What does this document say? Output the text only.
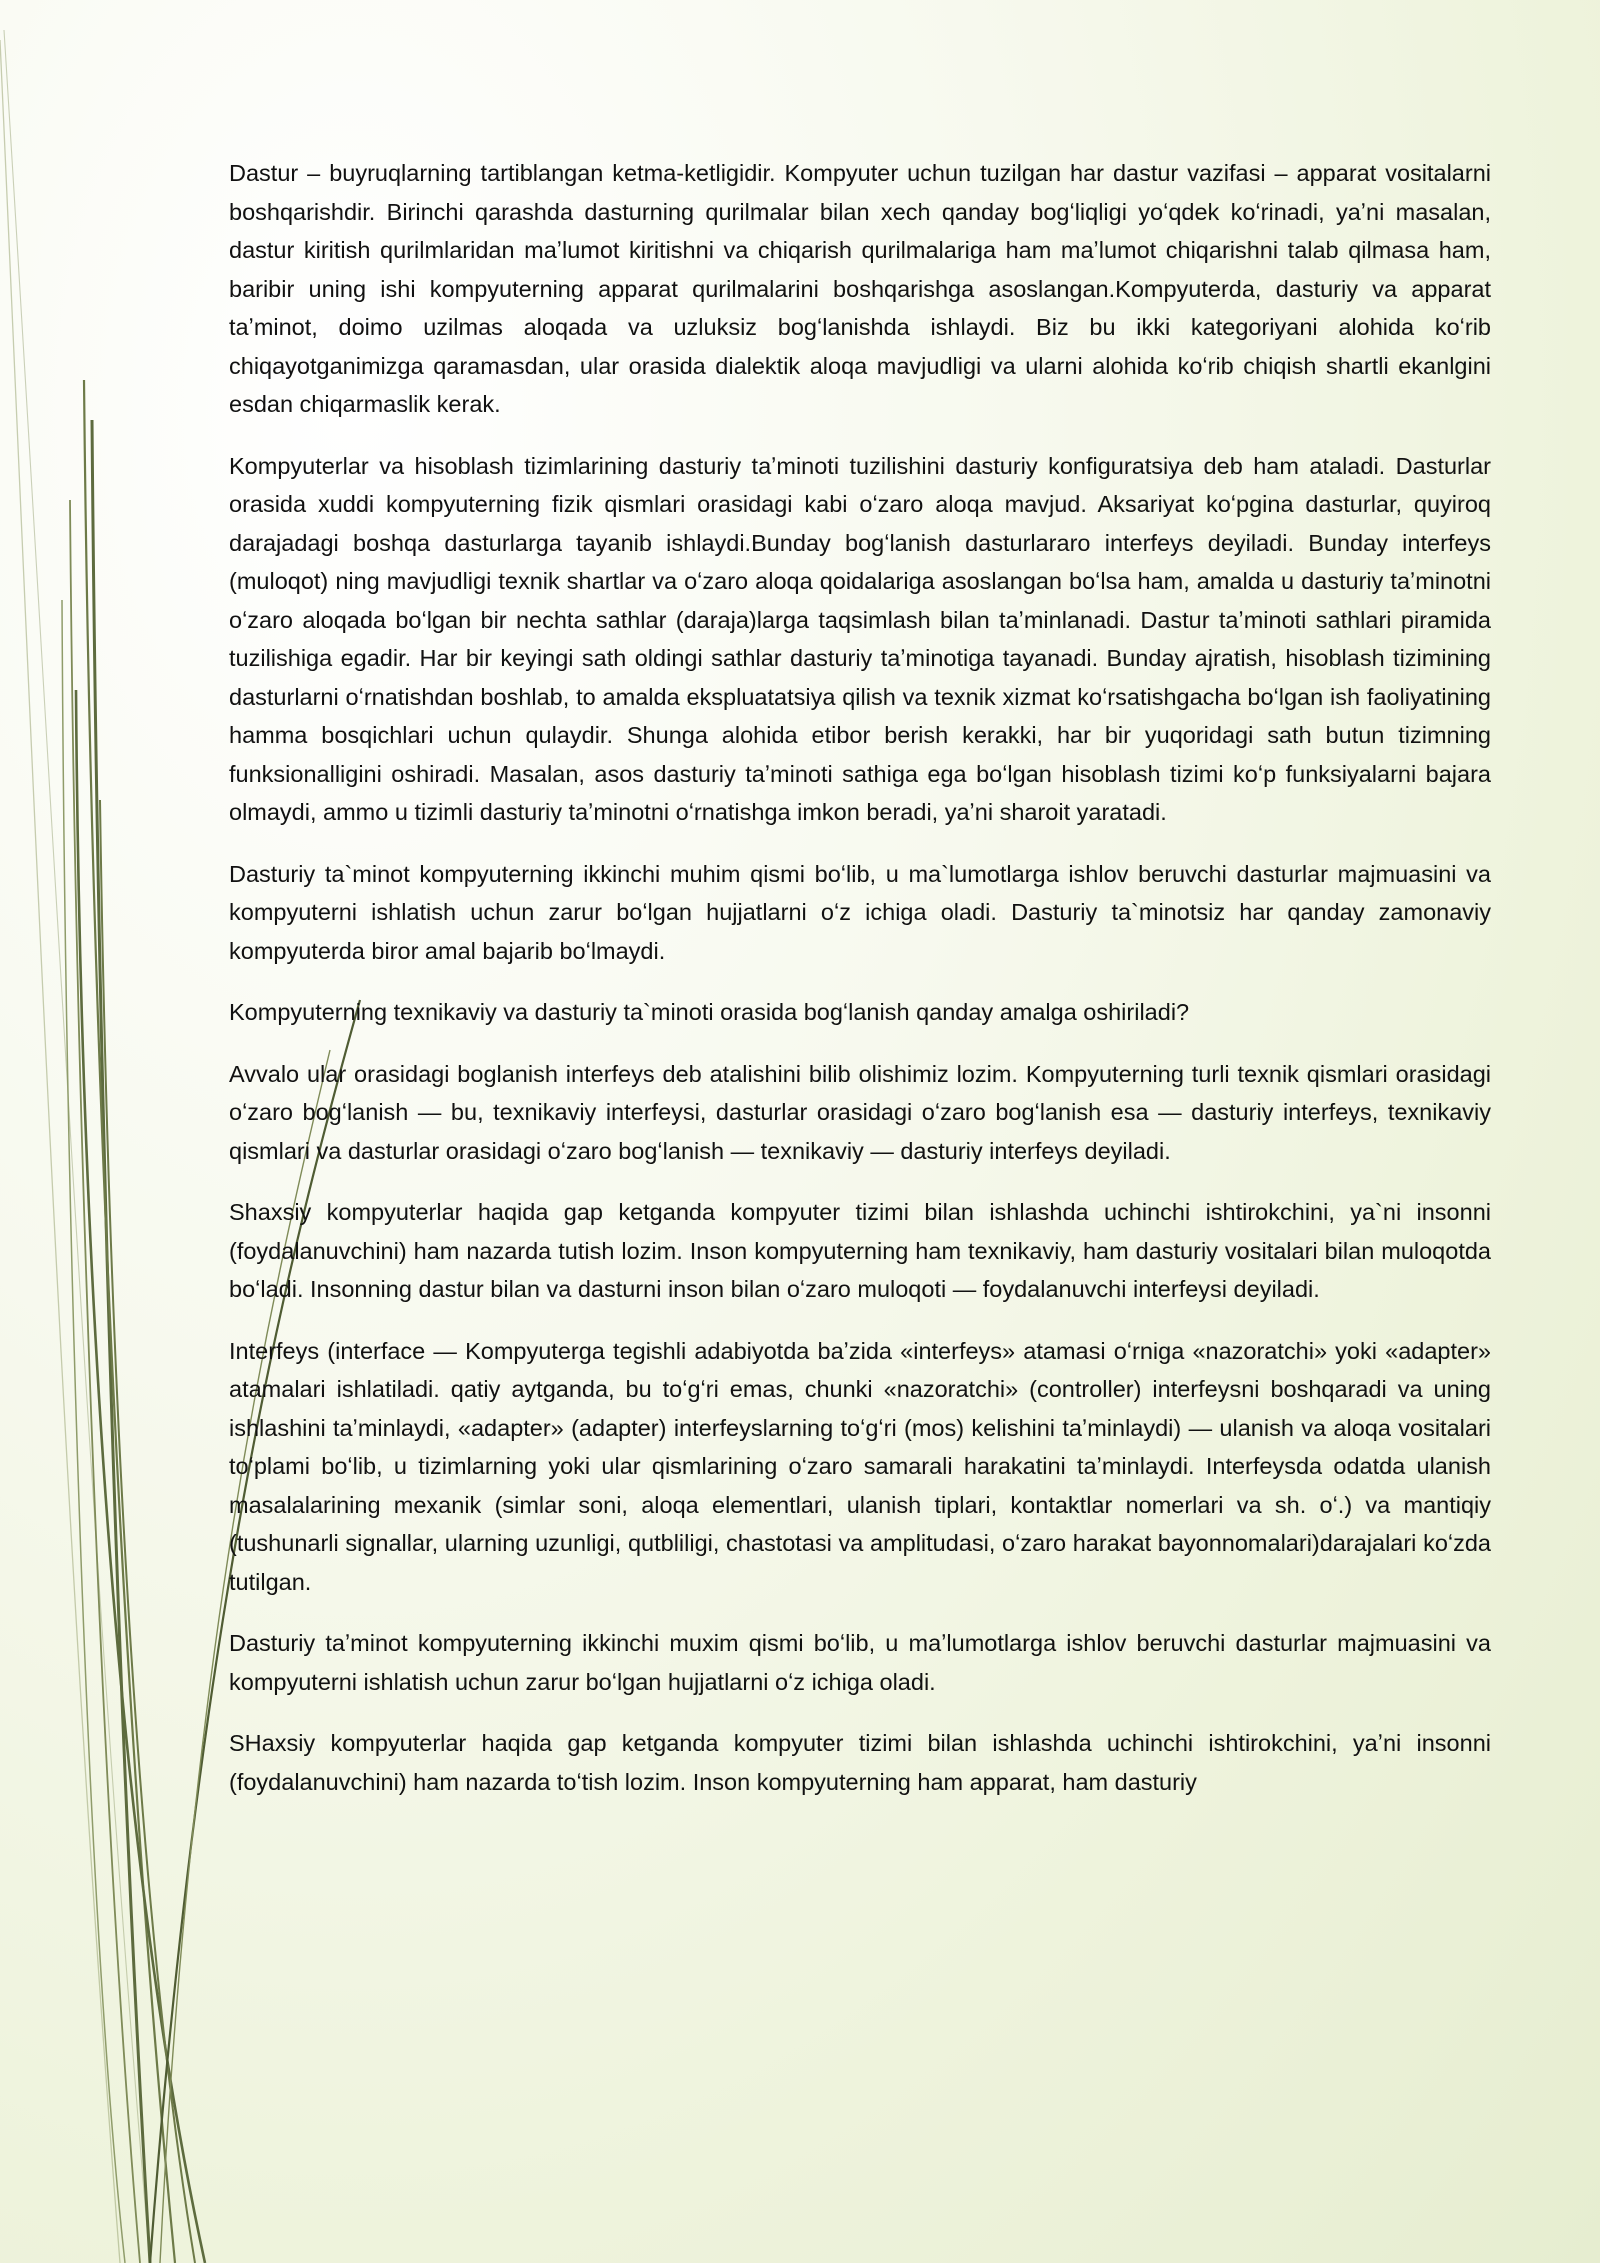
Dastur – buyruqlarning tartiblangan ketma-ketligidir. Kompyuter uchun tuzilgan har dastur vazifasi – apparat vositalarni boshqarishdir. Birinchi qarashda dasturning qurilmalar bilan xech qanday bogʻliqligi yoʻqdek koʻrinadi, yaʼni masalan, dastur kiritish qurilmlaridan maʼlumot kiritishni va chiqarish qurilmalariga ham maʼlumot chiqarishni talab qilmasa ham, baribir uning ishi kompyuterning apparat qurilmalarini boshqarishga asoslangan.Kompyuterda, dasturiy va apparat taʼminot, doimo uzilmas aloqada va uzluksiz bogʻlanishda ishlaydi. Biz bu ikki kategoriyani alohida koʻrib chiqayotganimizga qaramasdan, ular orasida dialektik aloqa mavjudligi va ularni alohida koʻrib chiqish shartli ekanlgini esdan chiqarmaslik kerak.

Kompyuterlar va hisoblash tizimlarining dasturiy taʼminoti tuzilishini dasturiy konfiguratsiya deb ham ataladi. Dasturlar orasida xuddi kompyuterning fizik qismlari orasidagi kabi oʻzaro aloqa mavjud. Aksariyat koʻpgina dasturlar, quyiroq darajadagi boshqa dasturlarga tayanib ishlaydi.Bunday bogʻlanish dasturlararo interfeys deyiladi. Bunday interfeys (muloqot) ning mavjudligi texnik shartlar va oʻzaro aloqa qoidalariga asoslangan boʻlsa ham, amalda u dasturiy taʼminotni oʻzaro aloqada boʻlgan bir nechta sathlar (daraja)larga taqsimlash bilan taʼminlanadi. Dastur taʼminoti sathlari piramida tuzilishiga egadir. Har bir keyingi sath oldingi sathlar dasturiy taʼminotiga tayanadi. Bunday ajratish, hisoblash tizimining dasturlarni oʻrnatishdan boshlab, to amalda ekspluatatsiya qilish va texnik xizmat koʻrsatishgacha boʻlgan ish faoliyatining hamma bosqichlari uchun qulaydir. Shunga alohida etibor berish kerakki, har bir yuqoridagi sath butun tizimning funksionalligini oshiradi. Masalan, asos dasturiy taʼminoti sathiga ega boʻlgan hisoblash tizimi koʻp funksiyalarni bajara olmaydi, ammo u tizimli dasturiy taʼminotni oʻrnatishga imkon beradi, yaʼni sharoit yaratadi.

Dasturiy ta`minot kompyuterning ikkinchi muhim qismi boʻlib, u ma`lumotlarga ishlov beruvchi dasturlar majmuasini va kompyuterni ishlatish uchun zarur boʻlgan hujjatlarni oʻz ichiga oladi. Dasturiy ta`minotsiz har qanday zamonaviy kompyuterda biror amal bajarib boʻlmaydi.

Kompyuterning texnikaviy va dasturiy ta`minoti orasida bogʻlanish qanday amalga oshiriladi?

Avvalo ular orasidagi boglanish interfeys deb atalishini bilib olishimiz lozim. Kompyuterning turli texnik qismlari orasidagi oʻzaro bogʻlanish — bu, texnikaviy interfeysi, dasturlar orasidagi oʻzaro bogʻlanish esa — dasturiy interfeys, texnikaviy qismlari va dasturlar orasidagi oʻzaro bogʻlanish — texnikaviy — dasturiy interfeys deyiladi.

Shaxsiy kompyuterlar haqida gap ketganda kompyuter tizimi bilan ishlashda uchinchi ishtirokchini, ya`ni insonni (foydalanuvchini) ham nazarda tutish lozim. Inson kompyuterning ham texnikaviy, ham dasturiy vositalari bilan muloqotda boʻladi. Insonning dastur bilan va dasturni inson bilan oʻzaro muloqoti — foydalanuvchi interfeysi deyiladi.

Interfeys (interface — Kompyuterga tegishli adabiyotda baʼzida «interfeys» atamasi oʻrniga «nazoratchi» yoki «adapter» atamalari ishlatiladi. qatiy aytganda, bu toʻgʻri emas, chunki «nazoratchi» (controller) interfeysni boshqaradi va uning ishlashini taʼminlaydi, «adapter» (adapter) interfeyslarning toʻgʻri (mos) kelishini taʼminlaydi) — ulanish va aloqa vositalari toʻplami boʻlib, u tizimlarning yoki ular qismlarining oʻzaro samarali harakatini taʼminlaydi. Interfeysda odatda ulanish masalalarining mexanik (simlar soni, aloqa elementlari, ulanish tiplari, kontaktlar nomerlari va sh. oʻ.) va mantiqiy (tushunarli signallar, ularning uzunligi, qutbliligi, chastotasi va amplitudasi, oʻzaro harakat bayonnomalari)darajalari koʻzda tutilgan.

Dasturiy taʼminot kompyuterning ikkinchi muxim qismi boʻlib, u maʼlumotlarga ishlov beruvchi dasturlar majmuasini va kompyuterni ishlatish uchun zarur boʻlgan hujjatlarni oʻz ichiga oladi.

SHaxsiy kompyuterlar haqida gap ketganda kompyuter tizimi bilan ishlashda uchinchi ishtirokchini, yaʼni insonni (foydalanuvchini) ham nazarda toʻtish lozim. Inson kompyuterning ham apparat, ham dasturiy
